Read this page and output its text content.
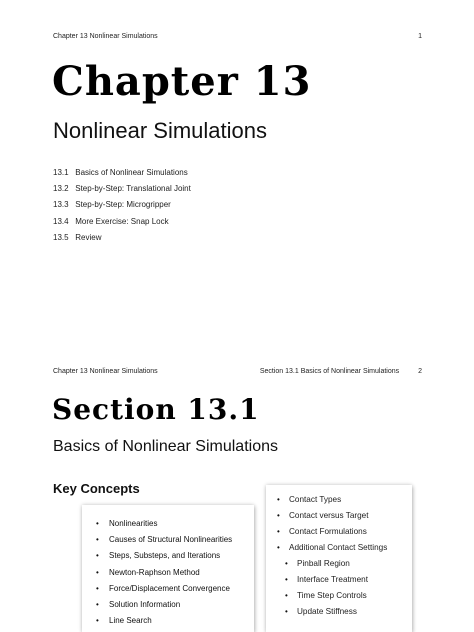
Chapter 13 Nonlinear Simulations	1
Chapter 13
Nonlinear Simulations
13.1 Basics of Nonlinear Simulations
13.2 Step-by-Step: Translational Joint
13.3 Step-by-Step: Microgripper
13.4 More Exercise: Snap Lock
13.5 Review
Chapter 13 Nonlinear Simulations	Section 13.1 Basics of Nonlinear Simulations	2
Section 13.1
Basics of Nonlinear Simulations
Key Concepts
• Nonlinearities
• Causes of Structural Nonlinearities
• Steps, Substeps, and Iterations
• Newton-Raphson Method
• Force/Displacement Convergence
• Solution Information
• Line Search
• Contact Types
• Contact versus Target
• Contact Formulations
• Additional Contact Settings
• Pinball Region
• Interface Treatment
• Time Step Controls
• Update Stiffness
